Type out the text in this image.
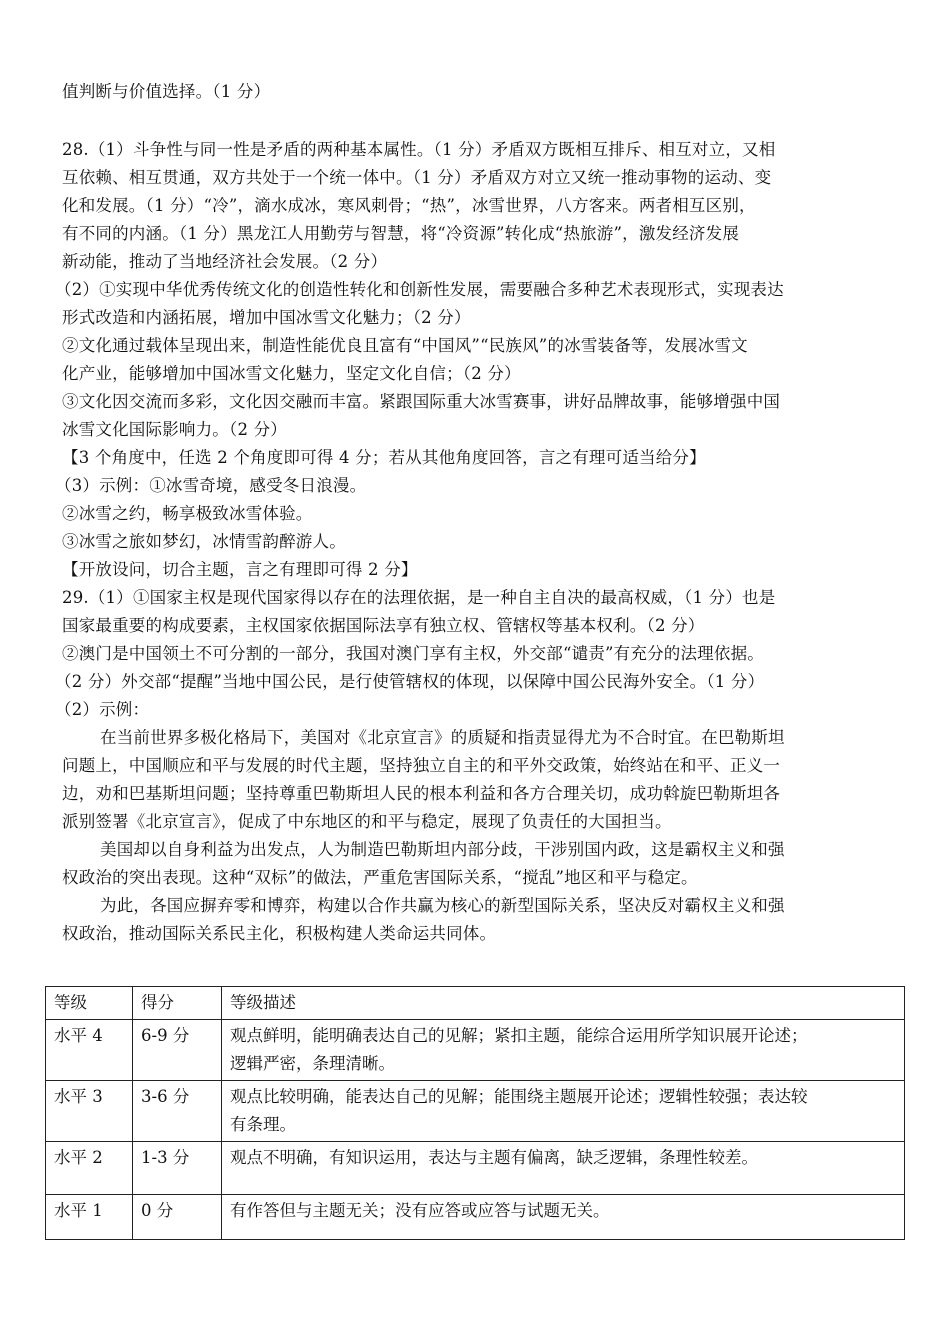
值判断与价值选择。（1 分）
28.（1）斗争性与同一性是矛盾的两种基本属性。（1 分）矛盾双方既相互排斥、相互对立，又相
互依赖、相互贯通，双方共处于一个统一体中。（1 分）矛盾双方对立又统一推动事物的运动、变
化和发展。（1 分）“冷”，滴水成冰，寒风刺骨；“热”，冰雪世界，八方客来。两者相互区别，
有不同的内涵。（1 分）黑龙江人用勤劳与智慧，将“冷资源”转化成“热旅游”，激发经济发展
新动能，推动了当地经济社会发展。（2 分）
（2）①实现中华优秀传统文化的创造性转化和创新性发展，需要融合多种艺术表现形式，实现表达
形式改造和内涵拓展，增加中国冰雪文化魅力；（2 分）
②文化通过载体呈现出来，制造性能优良且富有“中国风”“民族风”的冰雪装备等，发展冰雪文
化产业，能够增加中国冰雪文化魅力，坚定文化自信；（2 分）
③文化因交流而多彩，文化因交融而丰富。紧跟国际重大冰雪赛事，讲好品牌故事，能够增强中国
冰雪文化国际影响力。（2 分）
【3 个角度中，任选 2 个角度即可得 4 分；若从其他角度回答，言之有理可适当给分】
（3）示例：①冰雪奇境，感受冬日浪漫。
②冰雪之约，畅享极致冰雪体验。
③冰雪之旅如梦幻，冰情雪韵醉游人。
【开放设问，切合主题，言之有理即可得 2 分】
29.（1）①国家主权是现代国家得以存在的法理依据，是一种自主自决的最高权威，（1 分）也是
国家最重要的构成要素，主权国家依据国际法享有独立权、管辖权等基本权利。（2 分）
②澳门是中国领土不可分割的一部分，我国对澳门享有主权，外交部“谴责”有充分的法理依据。
（2 分）外交部“提醒”当地中国公民，是行使管辖权的体现，以保障中国公民海外安全。（1 分）
（2）示例：
在当前世界多极化格局下，美国对《北京宣言》的质疑和指责显得尤为不合时宜。在巴勒斯坦
问题上，中国顺应和平与发展的时代主题，坚持独立自主的和平外交政策，始终站在和平、正义一
边，劝和巴基斯坦问题；坚持尊重巴勒斯坦人民的根本利益和各方合理关切，成功斡旋巴勒斯坦各
派别签署《北京宣言》，促成了中东地区的和平与稳定，展现了负责任的大国担当。
美国却以自身利益为出发点，人为制造巴勒斯坦内部分歧，干涉别国内政，这是霸权主义和强
权政治的突出表现。这种“双标”的做法，严重危害国际关系，“搅乱”地区和平与稳定。
为此，各国应摒弃零和博弈，构建以合作共赢为核心的新型国际关系，坚决反对霸权主义和强
权政治，推动国际关系民主化，积极构建人类命运共同体。
等级	得分	等级描述
水平 4	6-9 分	观点鲜明，能明确表达自己的见解；紧扣主题，能综合运用所学知识展开论述；
逻辑严密，条理清晰。

水平 3	3-6 分	观点比较明确，能表达自己的见解；能围绕主题展开论述；逻辑性较强；表达较
有条理。

水平 2	1-3 分	观点不明确，有知识运用，表达与主题有偏离，缺乏逻辑，条理性较差。

水平 1	0 分	有作答但与主题无关；没有应答或应答与试题无关。
